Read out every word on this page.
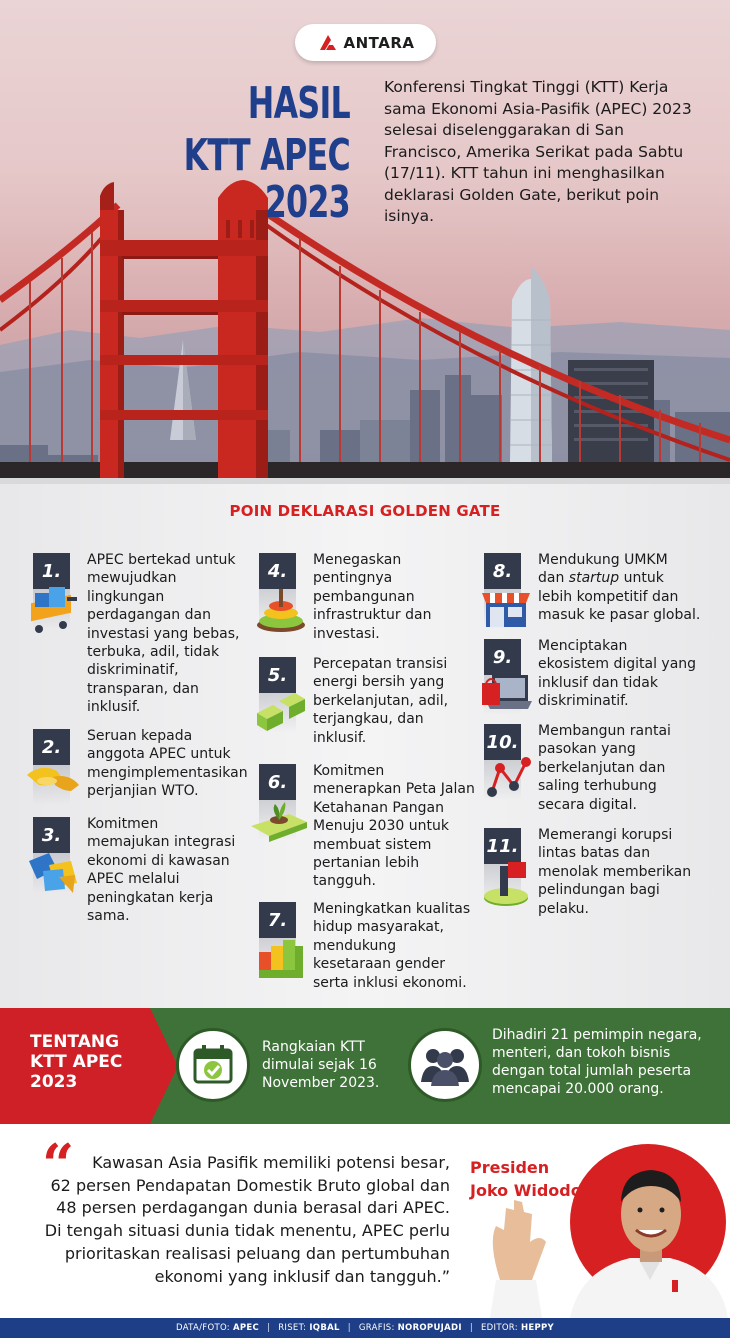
ANTARA
HASIL
KTT APEC 2023

Konferensi Tingkat Tinggi (KTT) Kerja sama Ekonomi Asia-Pasifik (APEC) 2023 selesai diselenggarakan di San Francisco, Amerika Serikat pada Sabtu (17/11). KTT tahun ini menghasilkan deklarasi Golden Gate, berikut poin isinya.

POIN DEKLARASI GOLDEN GATE
1.
APEC bertekad untuk
mewujudkan
lingkungan
perdagangan dan
investasi yang bebas,
terbuka, adil, tidak
diskriminatif,
transparan, dan
inklusif.
2.
Seruan kepada
anggota APEC untuk
mengimplementasikan
perjanjian WTO.
3.
Komitmen
memajukan integrasi
ekonomi di kawasan
APEC melalui
peningkatan kerja
sama.
4.
Menegaskan
pentingnya
pembangunan
infrastruktur dan
investasi.
5.
Percepatan transisi
energi bersih yang
berkelanjutan, adil,
terjangkau, dan
inklusif.
6.
Komitmen
menerapkan Peta Jalan
Ketahanan Pangan
Menuju 2030 untuk
membuat sistem
pertanian lebih
tangguh.
7.
Meningkatkan kualitas
hidup masyarakat,
mendukung
kesetaraan gender
serta inklusi ekonomi.
8.
Mendukung UMKM
dan startup untuk
lebih kompetitif dan
masuk ke pasar global.
9.
Menciptakan
ekosistem digital yang
inklusif dan tidak
diskriminatif.
10.
Membangun rantai
pasokan yang
berkelanjutan dan
saling terhubung
secara digital.
11.
Memerangi korupsi
lintas batas dan
menolak memberikan
pelindungan bagi
pelaku.
TENTANG
KTT APEC
2023
Rangkaian KTT
dimulai sejak 16
November 2023.
Dihadiri 21 pemimpin negara,
menteri, dan tokoh bisnis
dengan total jumlah peserta
mencapai 20.000 orang.
“	Kawasan Asia Pasifik memiliki potensi besar,
62 persen Pendapatan Domestik Bruto global dan
48 persen perdagangan dunia berasal dari APEC.
Di tengah situasi dunia tidak menentu, APEC perlu
prioritaskan realisasi peluang dan pertumbuhan
ekonomi yang inklusif dan tangguh.”
Presiden
Joko Widodo
DATA/FOTO: APEC | RISET: IQBAL | GRAFIS: NOROPUJADI | EDITOR: HEPPY
